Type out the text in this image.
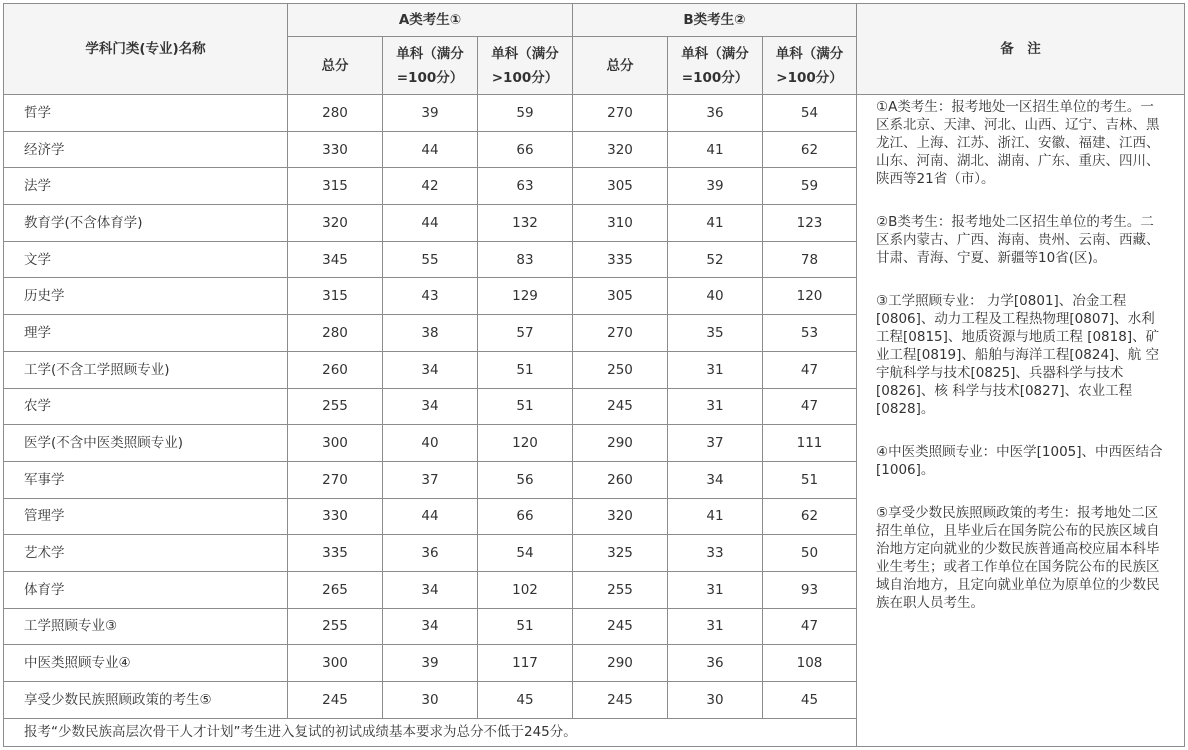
学科门类(专业)名称	A类考生①			B类考生②			备　注
	总分	单科（满分
=100分）	单科（满分
>100分）	总分	单科（满分
=100分）	单科（满分
>100分）	

哲学	280	39	59	270	36	54	①A类考生：报考地处一区招生单位的考生。一区系北京、天津、河北、山西、辽宁、吉林、黑龙江、上海、江苏、浙江、安徽、福建、江西、山东、河南、湖北、湖南、广东、重庆、四川、陕西等21省（市）。
②B类考生：报考地处二区招生单位的考生。二区系内蒙古、广西、海南、贵州、云南、西藏、甘肃、青海、宁夏、新疆等10省(区)。
③工学照顾专业： 力学[0801]、冶金工程[0806]、动力工程及工程热物理[0807]、水利工程[0815]、地质资源与地质工程 [0818]、矿业工程[0819]、船舶与海洋工程[0824]、航 空宇航科学与技术[0825]、兵器科学与技术[0826]、核 科学与技术[0827]、农业工程[0828]。
④中医类照顾专业：中医学[1005]、中西医结合[1006]。
⑤享受少数民族照顾政策的考生：报考地处二区招生单位，且毕业后在国务院公布的民族区域自治地方定向就业的少数民族普通高校应届本科毕业生考生；或者工作单位在国务院公布的民族区域自治地方，且定向就业单位为原单位的少数民族在职人员考生。

经济学	330	44	66	320	41	62	
法学	315	42	63	305	39	59	
教育学(不含体育学)	320	44	132	310	41	123	
文学	345	55	83	335	52	78	
历史学	315	43	129	305	40	120	
理学	280	38	57	270	35	53	
工学(不含工学照顾专业)	260	34	51	250	31	47	
农学	255	34	51	245	31	47	
医学(不含中医类照顾专业)	300	40	120	290	37	111	
军事学	270	37	56	260	34	51	
管理学	330	44	66	320	41	62	
艺术学	335	36	54	325	33	50	
体育学	265	34	102	255	31	93	
工学照顾专业③	255	34	51	245	31	47	
中医类照顾专业④	300	39	117	290	36	108	
享受少数民族照顾政策的考生⑤	245	30	45	245	30	45	
报考“少数民族高层次骨干人才计划”考生进入复试的初试成绩基本要求为总分不低于245分。							
